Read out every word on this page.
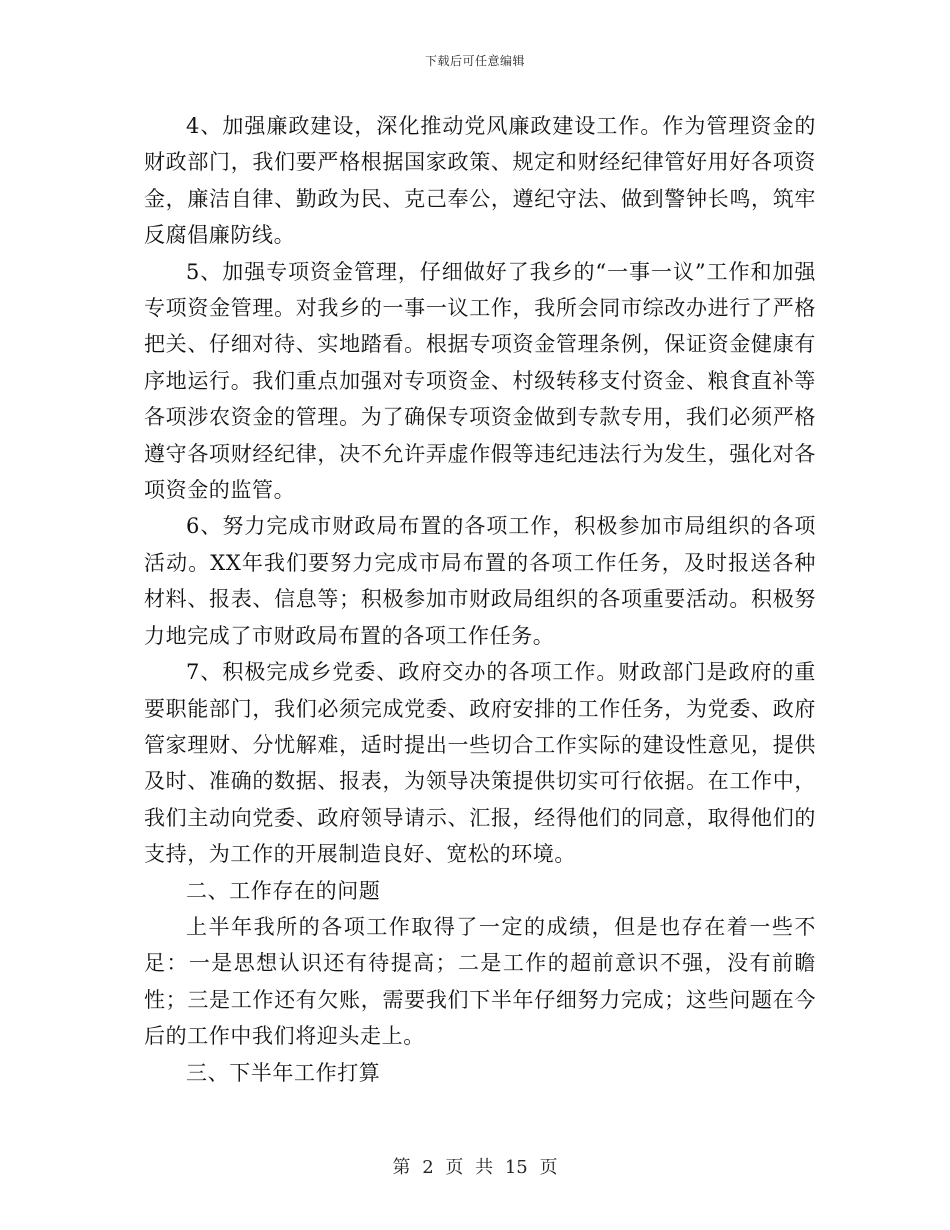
下载后可任意编辑

4、加强廉政建设，深化推动党风廉政建设工作。作为管理资金的财政部门，我们要严格根据国家政策、规定和财经纪律管好用好各项资金，廉洁自律、勤政为民、克己奉公，遵纪守法、做到警钟长鸣，筑牢反腐倡廉防线。

5、加强专项资金管理，仔细做好了我乡的“一事一议”工作和加强专项资金管理。对我乡的一事一议工作，我所会同市综改办进行了严格把关、仔细对待、实地踏看。根据专项资金管理条例，保证资金健康有序地运行。我们重点加强对专项资金、村级转移支付资金、粮食直补等各项涉农资金的管理。为了确保专项资金做到专款专用，我们必须严格遵守各项财经纪律，决不允许弄虚作假等违纪违法行为发生，强化对各项资金的监管。

6、努力完成市财政局布置的各项工作，积极参加市局组织的各项活动。XX年我们要努力完成市局布置的各项工作任务，及时报送各种材料、报表、信息等；积极参加市财政局组织的各项重要活动。积极努力地完成了市财政局布置的各项工作任务。

7、积极完成乡党委、政府交办的各项工作。财政部门是政府的重要职能部门，我们必须完成党委、政府安排的工作任务，为党委、政府管家理财、分忧解难，适时提出一些切合工作实际的建设性意见，提供及时、准确的数据、报表，为领导决策提供切实可行依据。在工作中，我们主动向党委、政府领导请示、汇报，经得他们的同意，取得他们的支持，为工作的开展制造良好、宽松的环境。

二、工作存在的问题

上半年我所的各项工作取得了一定的成绩，但是也存在着一些不足：一是思想认识还有待提高；二是工作的超前意识不强，没有前瞻性；三是工作还有欠账，需要我们下半年仔细努力完成；这些问题在今后的工作中我们将迎头走上。

三、下半年工作打算

第 2 页 共 15 页
